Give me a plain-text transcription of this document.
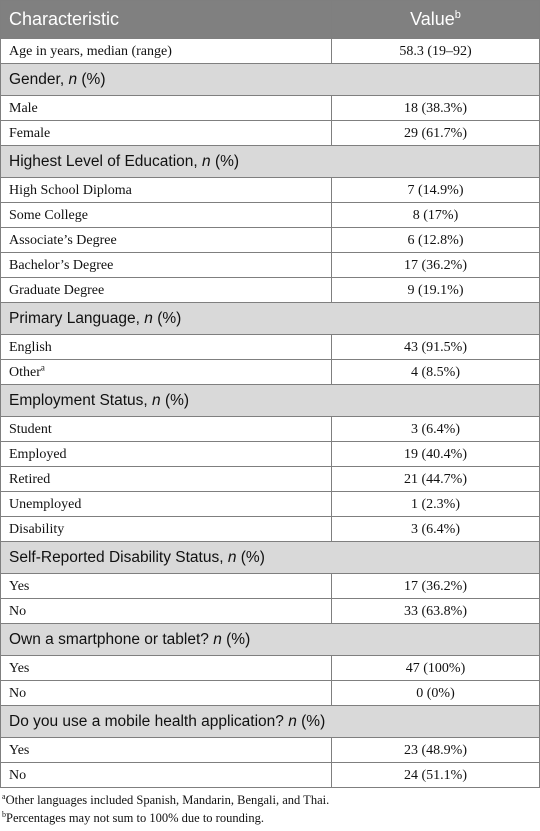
Characteristic	Value$^b$
Age in years, median (range)	58.3 (19–92)
Gender, n (%)	
Male	18 (38.3%)
Female	29 (61.7%)
Highest Level of Education, n (%)	
High School Diploma	7 (14.9%)
Some College	8 (17%)
Associate’s Degree	6 (12.8%)
Bachelor’s Degree	17 (36.2%)
Graduate Degree	9 (19.1%)
Primary Language, n (%)	
English	43 (91.5%)
Other$^a$	4 (8.5%)
Employment Status, n (%)	
Student	3 (6.4%)
Employed	19 (40.4%)
Retired	21 (44.7%)
Unemployed	1 (2.3%)
Disability	3 (6.4%)
Self-Reported Disability Status, n (%)	
Yes	17 (36.2%)
No	33 (63.8%)
Own a smartphone or tablet? n (%)	
Yes	47 (100%)
No	0 (0%)
Do you use a mobile health application? n (%)	
Yes	23 (48.9%)
No	24 (51.1%)
$^a$Other languages included Spanish, Mandarin, Bengali, and Thai.
$^b$Percentages may not sum to 100% due to rounding.
